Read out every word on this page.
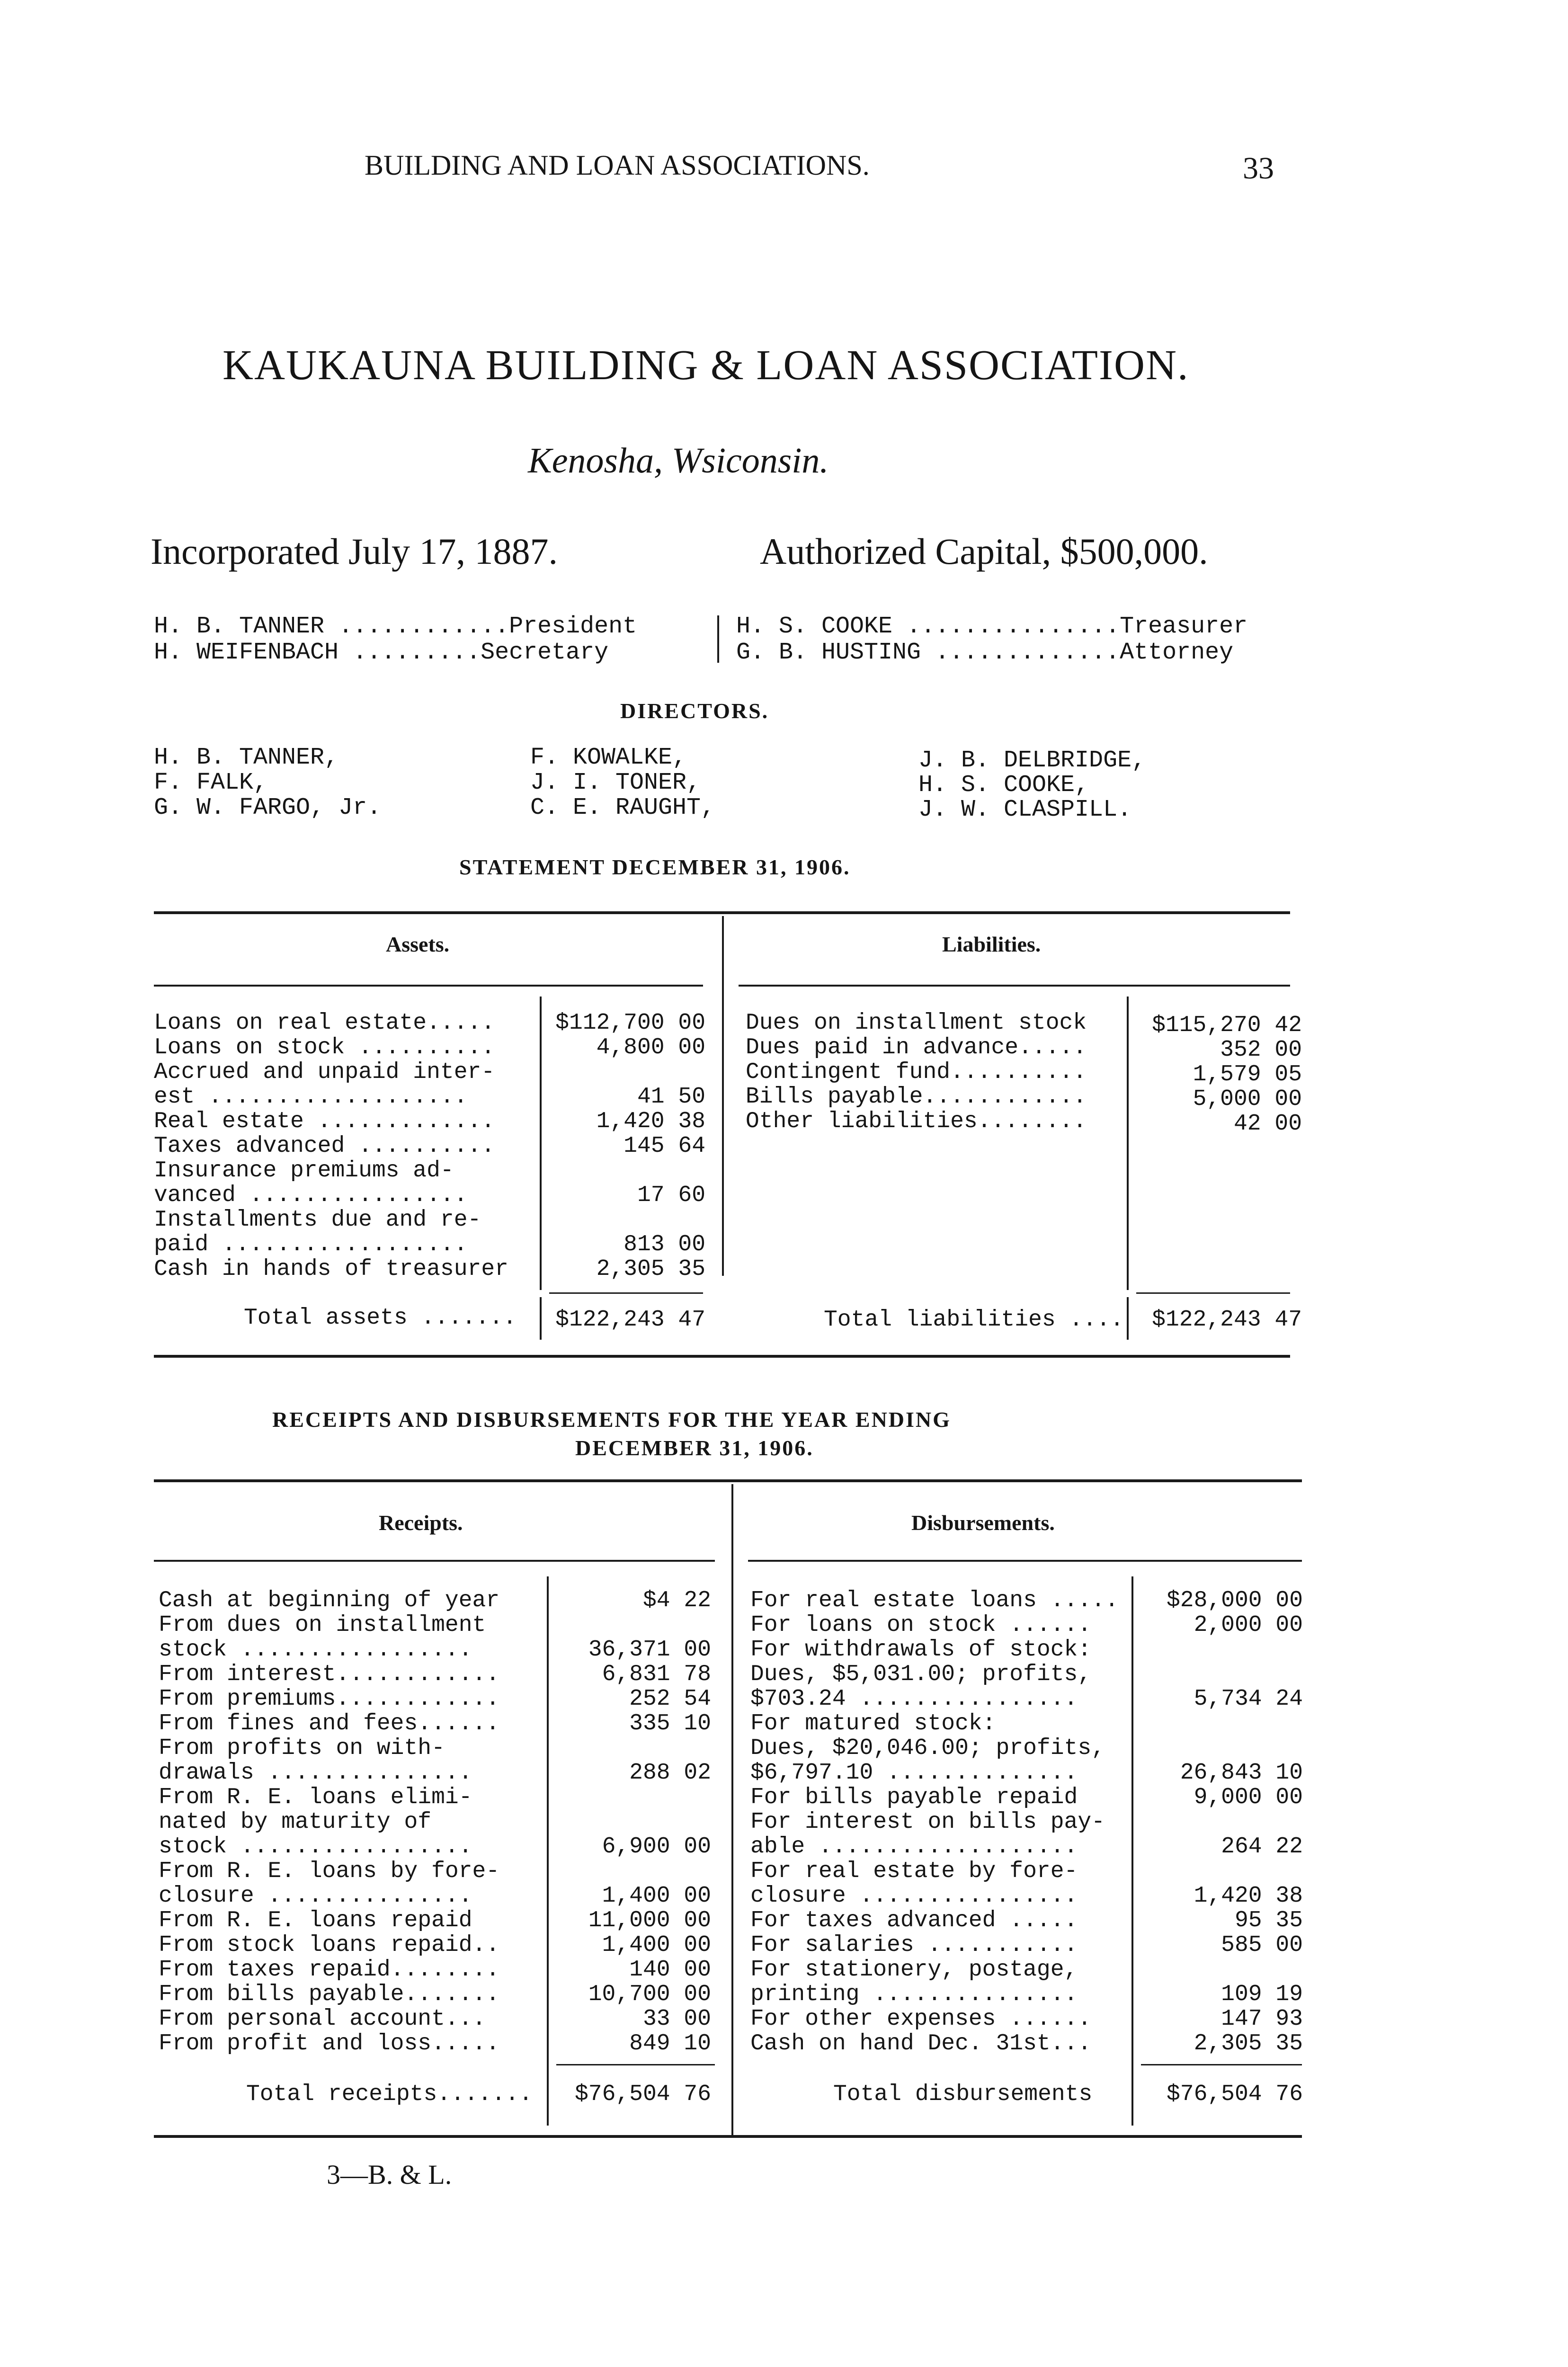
BUILDING AND LOAN ASSOCIATIONS.	33
KAUKAUNA BUILDING & LOAN ASSOCIATION.
Kenosha, Wsiconsin.
Incorporated July 17, 1887.	Authorized Capital, $500,000.
H. B. TANNER ............President
H. WEIFENBACH .........Secretary
H. S. COOKE ...............Treasurer
G. B. HUSTING .............Attorney
DIRECTORS.
H. B. TANNER,
F. FALK,
G. W. FARGO, Jr.
F. KOWALKE,
J. I. TONER,
C. E. RAUGHT,
J. B. DELBRIDGE,
H. S. COOKE,
J. W. CLASPILL.
STATEMENT DECEMBER 31, 1906.
Assets.	Liabilities.
Loans on real estate.....	$112,700 00
Loans on stock ..........	4,800 00
Accrued and unpaid inter-
est ...................	41 50
Real estate .............	1,420 38
Taxes advanced ..........	145 64
Insurance premiums ad-
vanced ................	17 60
Installments due and re-
paid ..................	813 00
Cash in hands of treasurer	2,305 35
Dues on installment stock	$115,270 42
Dues paid in advance.....	352 00
Contingent fund..........	1,579 05
Bills payable............	5,000 00
Other liabilities........	42 00
Total assets ....... $122,243 47	Total liabilities .... $122,243 47
RECEIPTS AND DISBURSEMENTS FOR THE YEAR ENDING
DECEMBER 31, 1906.
Receipts.	Disbursements.
Cash at beginning of year	$4 22
From dues on installment
stock .................	36,371 00
From interest............	6,831 78
From premiums............	252 54
From fines and fees......	335 10
From profits on with-
drawals ...............	288 02
From R. E. loans elimi-
nated by maturity of
stock .................	6,900 00
From R. E. loans by fore-
closure ...............	1,400 00
From R. E. loans repaid	11,000 00
From stock loans repaid..	1,400 00
From taxes repaid........	140 00
From bills payable.......	10,700 00
From personal account...	33 00
From profit and loss.....	849 10
For real estate loans ..... $28,000 00
For loans on stock ......	2,000 00
For withdrawals of stock:
Dues, $5,031.00; profits,
$703.24 ................	5,734 24
For matured stock:
Dues, $20,046.00; profits,
$6,797.10 ..............	26,843 10
For bills payable repaid	9,000 00
For interest on bills pay-
able ...................	264 22
For real estate by fore-
closure ................	1,420 38
For taxes advanced .....	95 35
For salaries ...........	585 00
For stationery, postage,
printing ...............	109 19
For other expenses ......	147 93
Cash on hand Dec. 31st...	2,305 35
Total receipts....... $76,504 76	Total disbursements	$76,504 76
3—B. & L.
